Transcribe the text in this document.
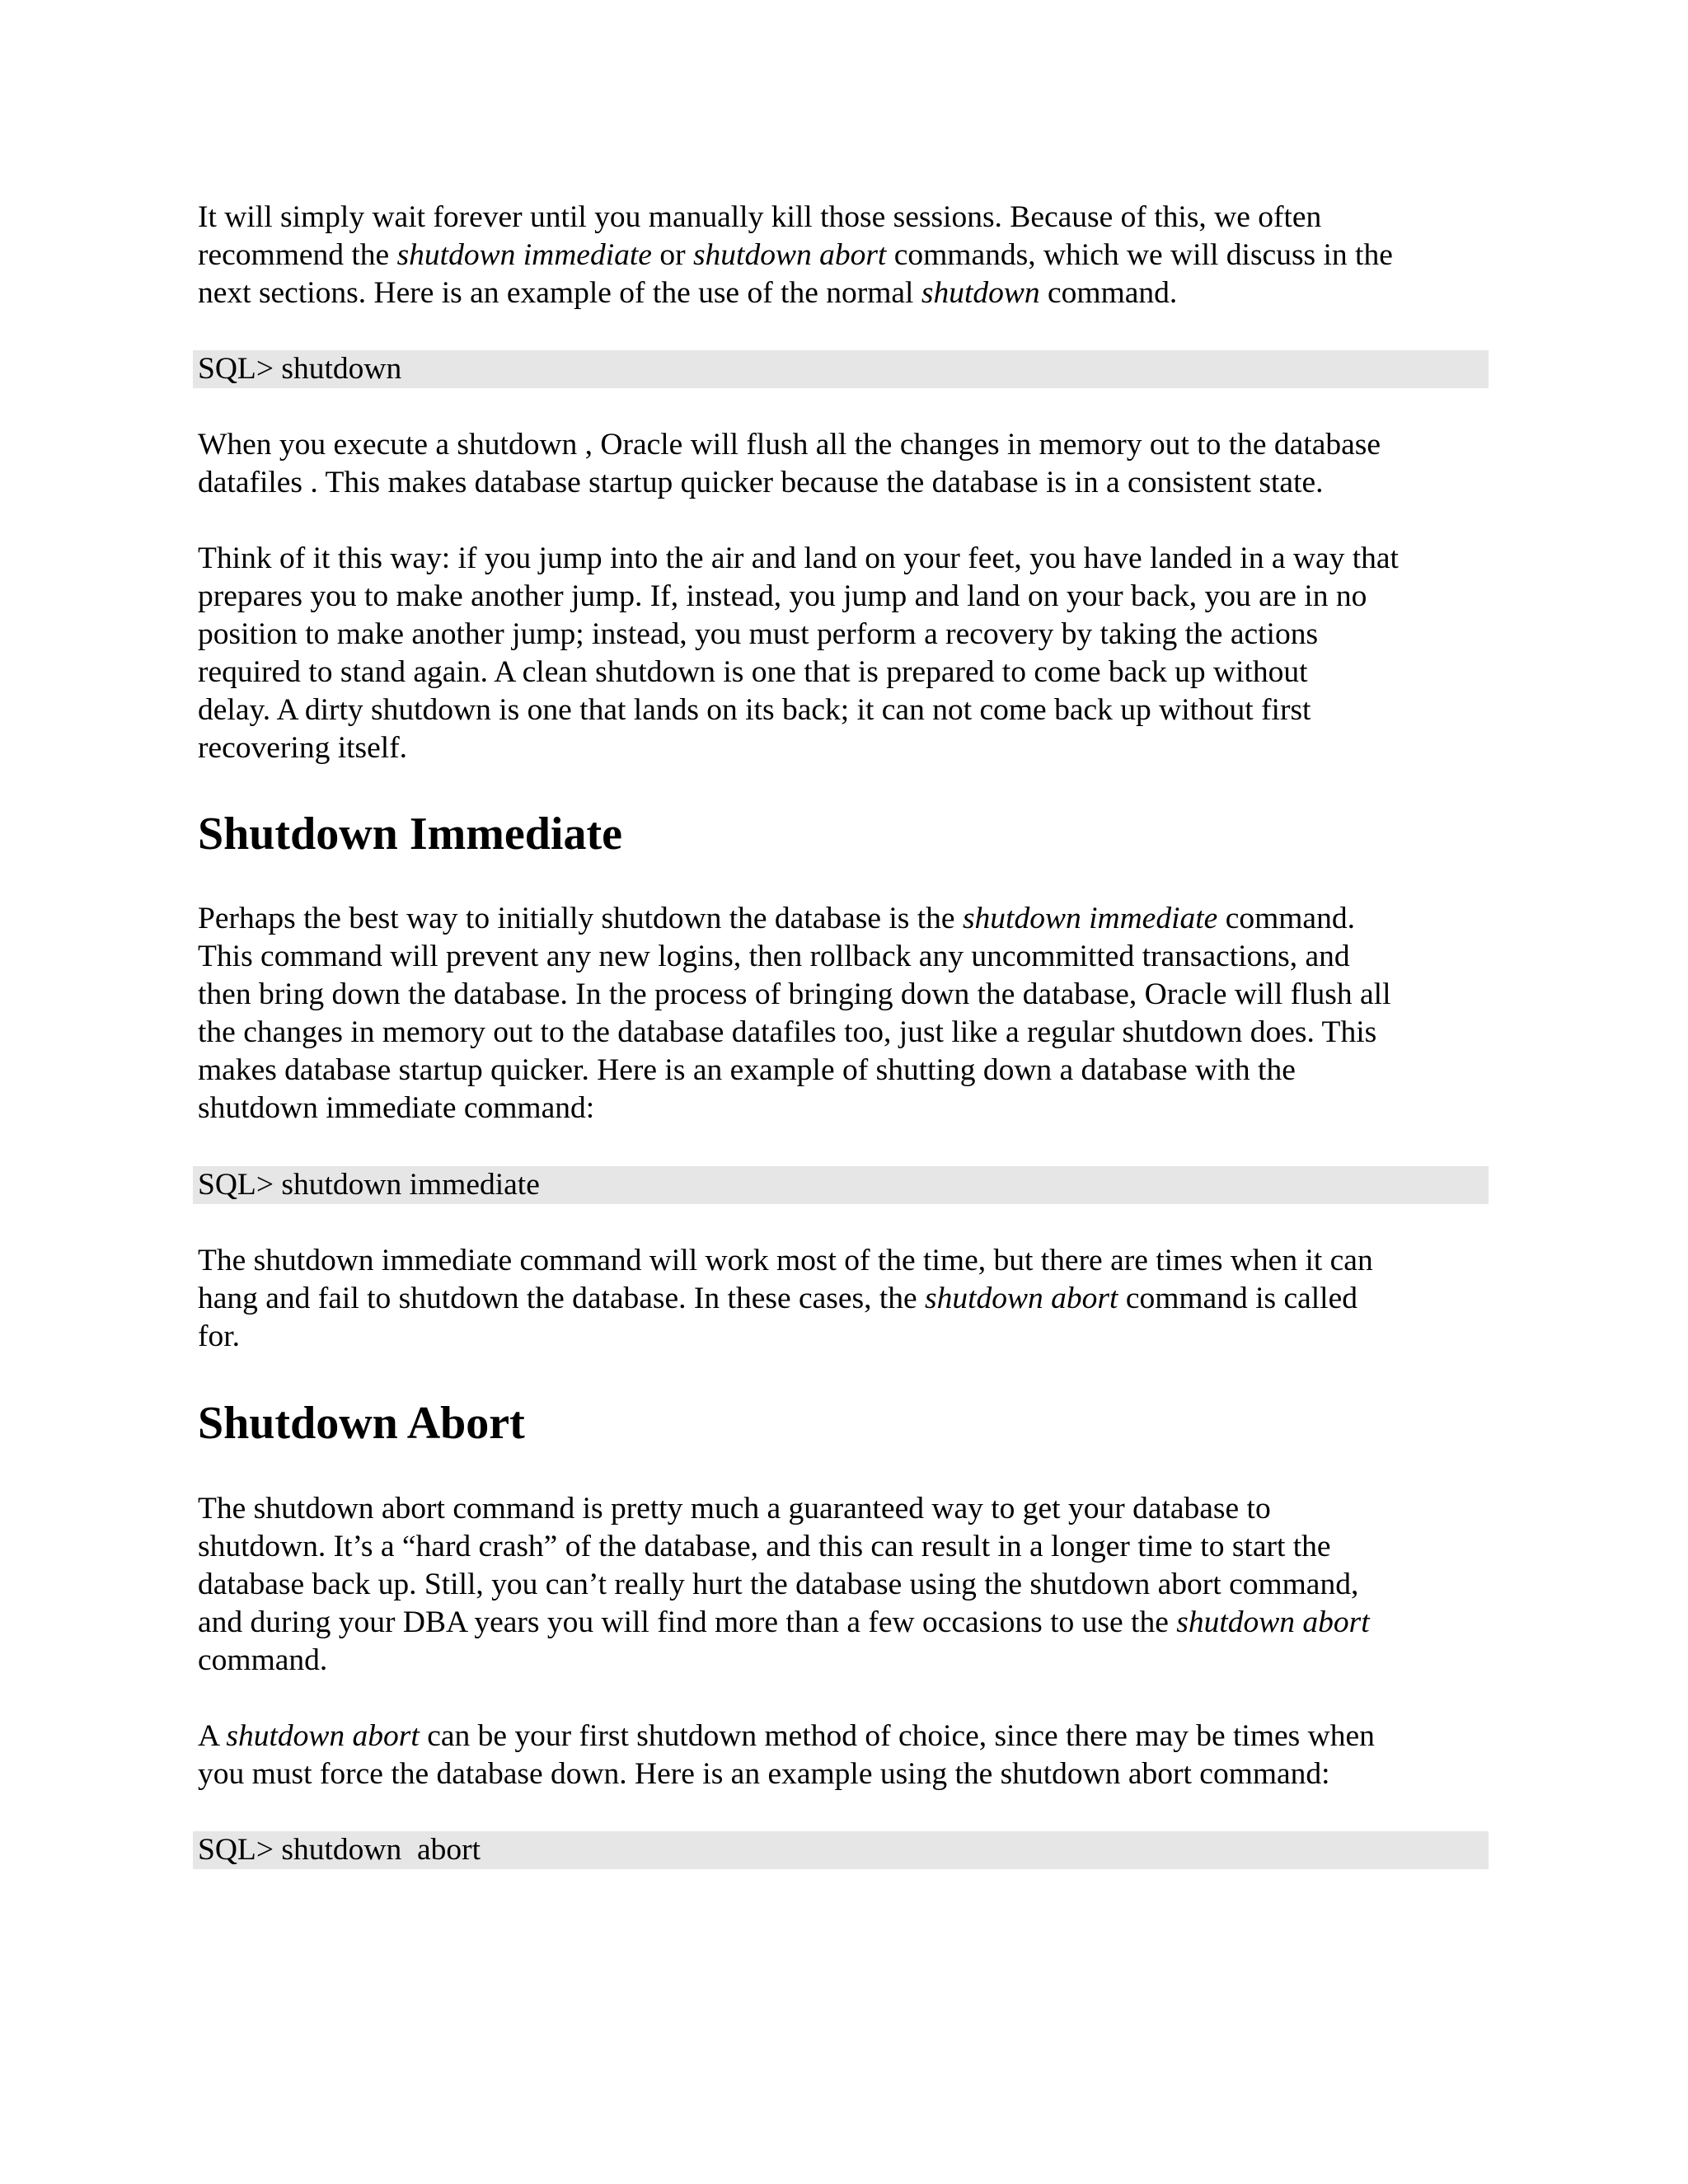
It will simply wait forever until you manually kill those sessions. Because of this, we often
recommend the shutdown immediate or shutdown abort commands, which we will discuss in the
next sections. Here is an example of the use of the normal shutdown command.

SQL> shutdown

When you execute a shutdown , Oracle will flush all the changes in memory out to the database
datafiles . This makes database startup quicker because the database is in a consistent state.

Think of it this way: if you jump into the air and land on your feet, you have landed in a way that
prepares you to make another jump. If, instead, you jump and land on your back, you are in no
position to make another jump; instead, you must perform a recovery by taking the actions
required to stand again. A clean shutdown is one that is prepared to come back up without
delay. A dirty shutdown is one that lands on its back; it can not come back up without first
recovering itself.

Shutdown Immediate

Perhaps the best way to initially shutdown the database is the shutdown immediate command.
This command will prevent any new logins, then rollback any uncommitted transactions, and
then bring down the database. In the process of bringing down the database, Oracle will flush all
the changes in memory out to the database datafiles too, just like a regular shutdown does. This
makes database startup quicker. Here is an example of shutting down a database with the
shutdown immediate command:

SQL> shutdown immediate

The shutdown immediate command will work most of the time, but there are times when it can
hang and fail to shutdown the database. In these cases, the shutdown abort command is called
for.

Shutdown Abort

The shutdown abort command is pretty much a guaranteed way to get your database to
shutdown. It’s a “hard crash” of the database, and this can result in a longer time to start the
database back up. Still, you can’t really hurt the database using the shutdown abort command,
and during your DBA years you will find more than a few occasions to use the shutdown abort
command.

A shutdown abort can be your first shutdown method of choice, since there may be times when
you must force the database down. Here is an example using the shutdown abort command:

SQL> shutdown  abort
